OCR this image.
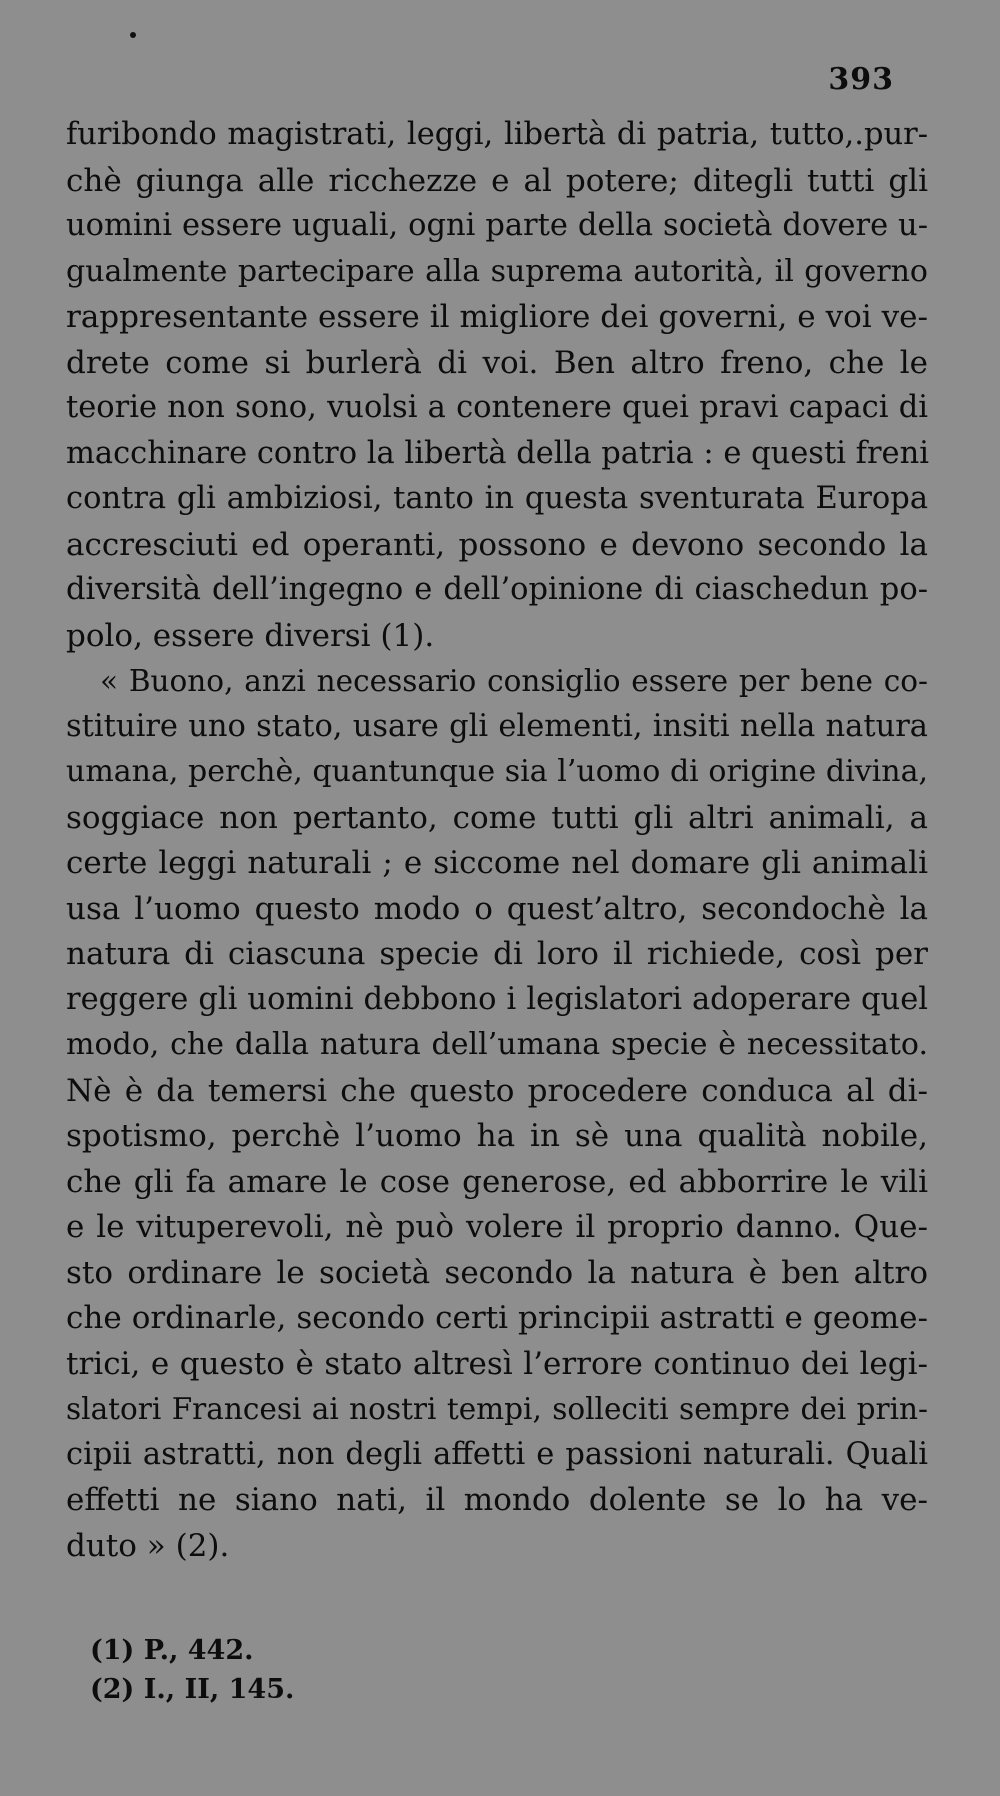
393
furibondo magistrati, leggi, libertà di patria, tutto,.pur-
chè giunga alle ricchezze e al potere; ditegli tutti gli
uomini essere uguali, ogni parte della società dovere u-
gualmente partecipare alla suprema autorità, il governo
rappresentante essere il migliore dei governi, e voi ve-
drete come si burlerà di voi. Ben altro freno, che le
teorie non sono, vuolsi a contenere quei pravi capaci di
macchinare contro la libertà della patria : e questi freni
contra gli ambiziosi, tanto in questa sventurata Europa
accresciuti ed operanti, possono e devono secondo la
diversità dell’ingegno e dell’opinione di ciaschedun po-
polo, essere diversi (1).
« Buono, anzi necessario consiglio essere per bene co-
stituire uno stato, usare gli elementi, insiti nella natura
umana, perchè, quantunque sia l’uomo di origine divina,
soggiace non pertanto, come tutti gli altri animali, a
certe leggi naturali ; e siccome nel domare gli animali
usa l’uomo questo modo o quest’altro, secondochè la
natura di ciascuna specie di loro il richiede, così per
reggere gli uomini debbono i legislatori adoperare quel
modo, che dalla natura dell’umana specie è necessitato.
Nè è da temersi che questo procedere conduca al di-
spotismo, perchè l’uomo ha in sè una qualità nobile,
che gli fa amare le cose generose, ed abborrire le vili
e le vituperevoli, nè può volere il proprio danno. Que-
sto ordinare le società secondo la natura è ben altro
che ordinarle, secondo certi principii astratti e geome-
trici, e questo è stato altresì l’errore continuo dei legi-
slatori Francesi ai nostri tempi, solleciti sempre dei prin-
cipii astratti, non degli affetti e passioni naturali. Quali
effetti ne siano nati, il mondo dolente se lo ha ve-
duto » (2).
(1) P., 442.
(2) I., II, 145.
